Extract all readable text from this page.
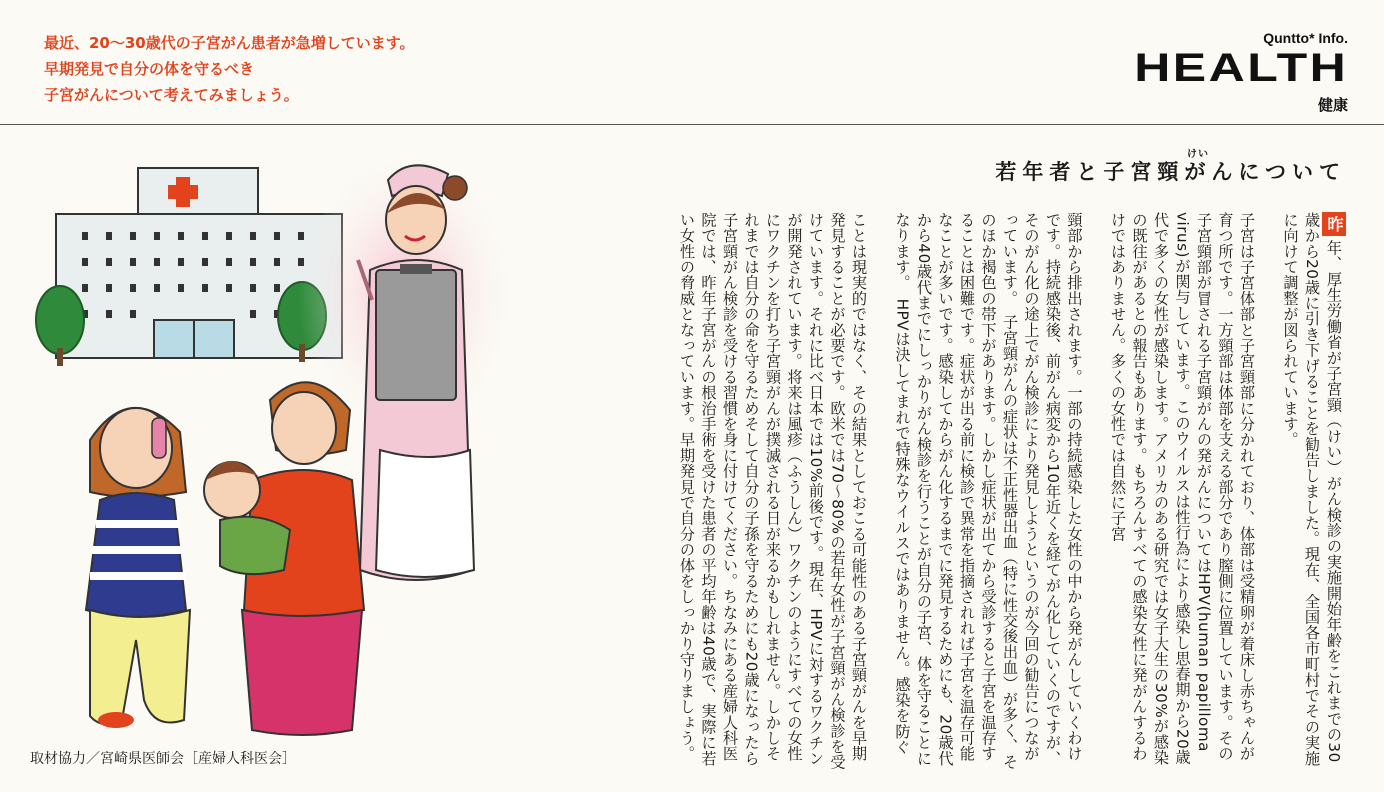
最近、20〜30歳代の子宮がん患者が急増しています。
早期発見で自分の体を守るべき
子宮がんについて考えてみましょう。
Quntto* Info.
HEALTH
健康
けい
若年者と子宮頸がんについて

昨年、厚生労働省が子宮頸（けい）がん検診の実施開始年齢をこれまでの30歳から20歳に引き下げることを勧告しました。現在、全国各市町村でその実施に向けて調整が図られています。

子宮は子宮体部と子宮頸部に分かれており、体部は受精卵が着床し赤ちゃんが育つ所です。一方頸部は体部を支える部分であり膣側に位置しています。その子宮頸部が冒される子宮頸がんの発がんについてはHPV(human papilloma virus)が関与しています。このウイルスは性行為により感染し思春期から20歳代で多くの女性が感染します。アメリカのある研究では女子大生の30%が感染の既往があるとの報告もあります。もちろんすべての感染女性に発がんするわけではありません。多くの女性では自然に子宮

頸部から排出されます。一部の持続感染した女性の中から発がんしていくわけです。持続感染後、前がん病変から10年近くを経てがん化していくのですが、そのがん化の途上でがん検診により発見しようというのが今回の勧告につながっています。　子宮頸がんの症状は不正性器出血（特に性交後出血）が多く、そのほか褐色の帯下があります。しかし症状が出てから受診すると子宮を温存することは困難です。症状が出る前に検診で異常を指摘されれば子宮を温存可能なことが多いです。感染してからがん化するまでに発見するためにも、20歳代から40歳代までにしっかりがん検診を行うことが自分の子宮、体を守ることになります。　HPVは決してまれで特殊なウイルスではありません。感染を防ぐ

ことは現実的ではなく、その結果としておこる可能性のある子宮頸がんを早期発見することが必要です。欧米では70〜80%の若年女性が子宮頸がん検診を受けています。それに比べ日本では10%前後です。現在、HPVに対するワクチンが開発されています。将来は風疹（ふうしん）ワクチンのようにすべての女性にワクチンを打ち子宮頸がんが撲滅される日が来るかもしれません。しかしそれまでは自分の命を守るためそして自分の子孫を守るためにも20歳になったら子宮頸がん検診を受ける習慣を身に付けてください。ちなみにある産婦人科医院では、昨年子宮がんの根治手術を受けた患者の平均年齢は40歳で、実際に若い女性の脅威となっています。早期発見で自分の体をしっかり守りましょう。

取材協力／宮崎県医師会［産婦人科医会］
